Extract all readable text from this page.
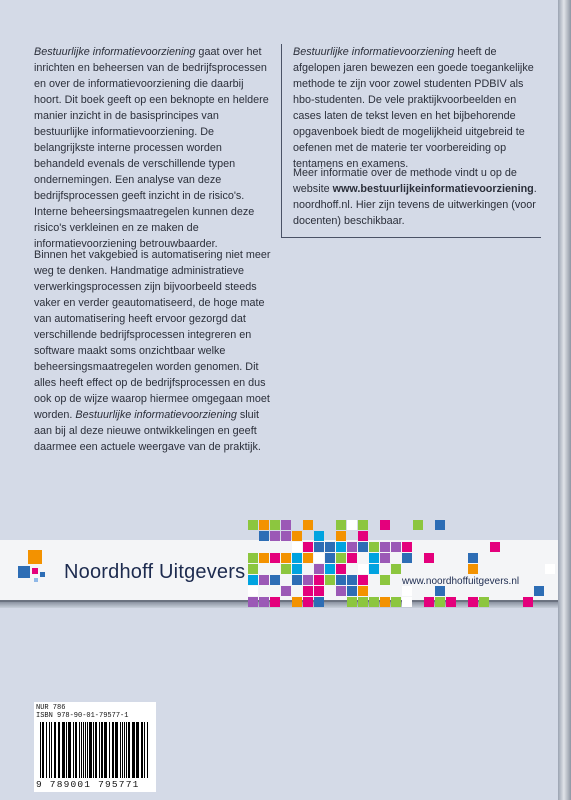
Bestuurlijke informatievoorziening gaat over het inrichten en beheersen van de bedrijfsprocessen en over de informatievoorziening die daarbij hoort. Dit boek geeft op een beknopte en heldere manier inzicht in de basisprincipes van bestuurlijke informatievoorziening. De belangrijkste interne processen worden behandeld evenals de verschillende typen ondernemingen. Een analyse van deze bedrijfsprocessen geeft inzicht in de risico's. Interne beheersingsmaatregelen kunnen deze risico's verkleinen en ze maken de informatievoorziening betrouwbaarder.

Binnen het vakgebied is automatisering niet meer weg te denken. Handmatige administratieve verwerkingsprocessen zijn bijvoorbeeld steeds vaker en verder geautomatiseerd, de hoge mate van automatisering heeft ervoor gezorgd dat verschillende bedrijfsprocessen integreren en software maakt soms onzichtbaar welke beheersingsmaatregelen worden genomen. Dit alles heeft effect op de bedrijfsprocessen en dus ook op de wijze waarop hiermee omgegaan moet worden. Bestuurlijke informatievoorziening sluit aan bij al deze nieuwe ontwikkelingen en geeft daarmee een actuele weergave van de praktijk.

Bestuurlijke informatievoorziening heeft de afgelopen jaren bewezen een goede toegankelijke methode te zijn voor zowel studenten PDBIV als hbo-studenten. De vele praktijkvoorbeelden en cases laten de tekst leven en het bijbehorende opgavenboek biedt de mogelijkheid uitgebreid te oefenen met de materie ter voorbereiding op tentamens en examens.

Meer informatie over de methode vindt u op de website www.bestuurlijkeinformatievoorziening. noordhoff.nl. Hier zijn tevens de uitwerkingen (voor docenten) beschikbaar.

Noordhoff Uitgevers	www.noordhoffuitgevers.nl
NUR 786
ISBN 978-90-01-79577-1
9 789001 795771
